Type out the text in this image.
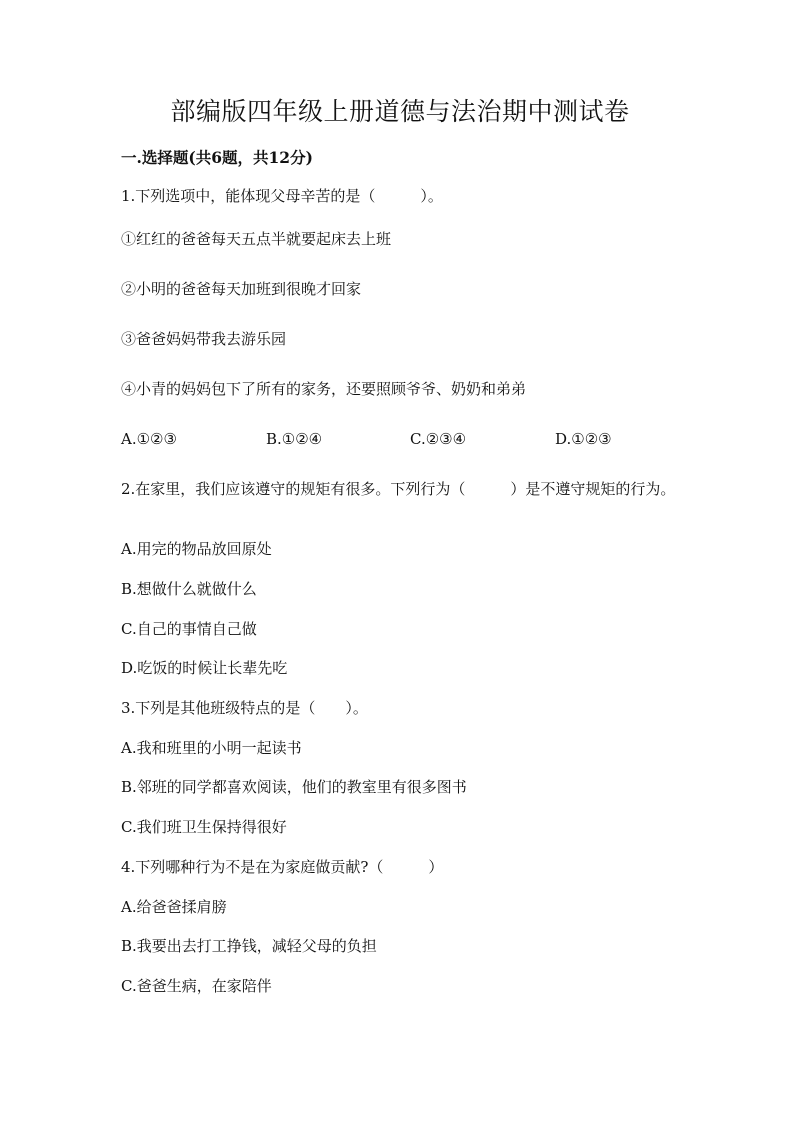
部编版四年级上册道德与法治期中测试卷
一.选择题(共6题，共12分)
1.下列选项中，能体现父母辛苦的是（　　　）。
①红红的爸爸每天五点半就要起床去上班
②小明的爸爸每天加班到很晚才回家
③爸爸妈妈带我去游乐园
④小青的妈妈包下了所有的家务，还要照顾爷爷、奶奶和弟弟
A.①②③	B.①②④	C.②③④	D.①②③
2.在家里，我们应该遵守的规矩有很多。下列行为（　　　）是不遵守规矩的行为。
A.用完的物品放回原处
B.想做什么就做什么
C.自己的事情自己做
D.吃饭的时候让长辈先吃
3.下列是其他班级特点的是（　　）。
A.我和班里的小明一起读书
B.邻班的同学都喜欢阅读，他们的教室里有很多图书
C.我们班卫生保持得很好
4.下列哪种行为不是在为家庭做贡献?（　　　）
A.给爸爸揉肩膀
B.我要出去打工挣钱，减轻父母的负担
C.爸爸生病，在家陪伴
